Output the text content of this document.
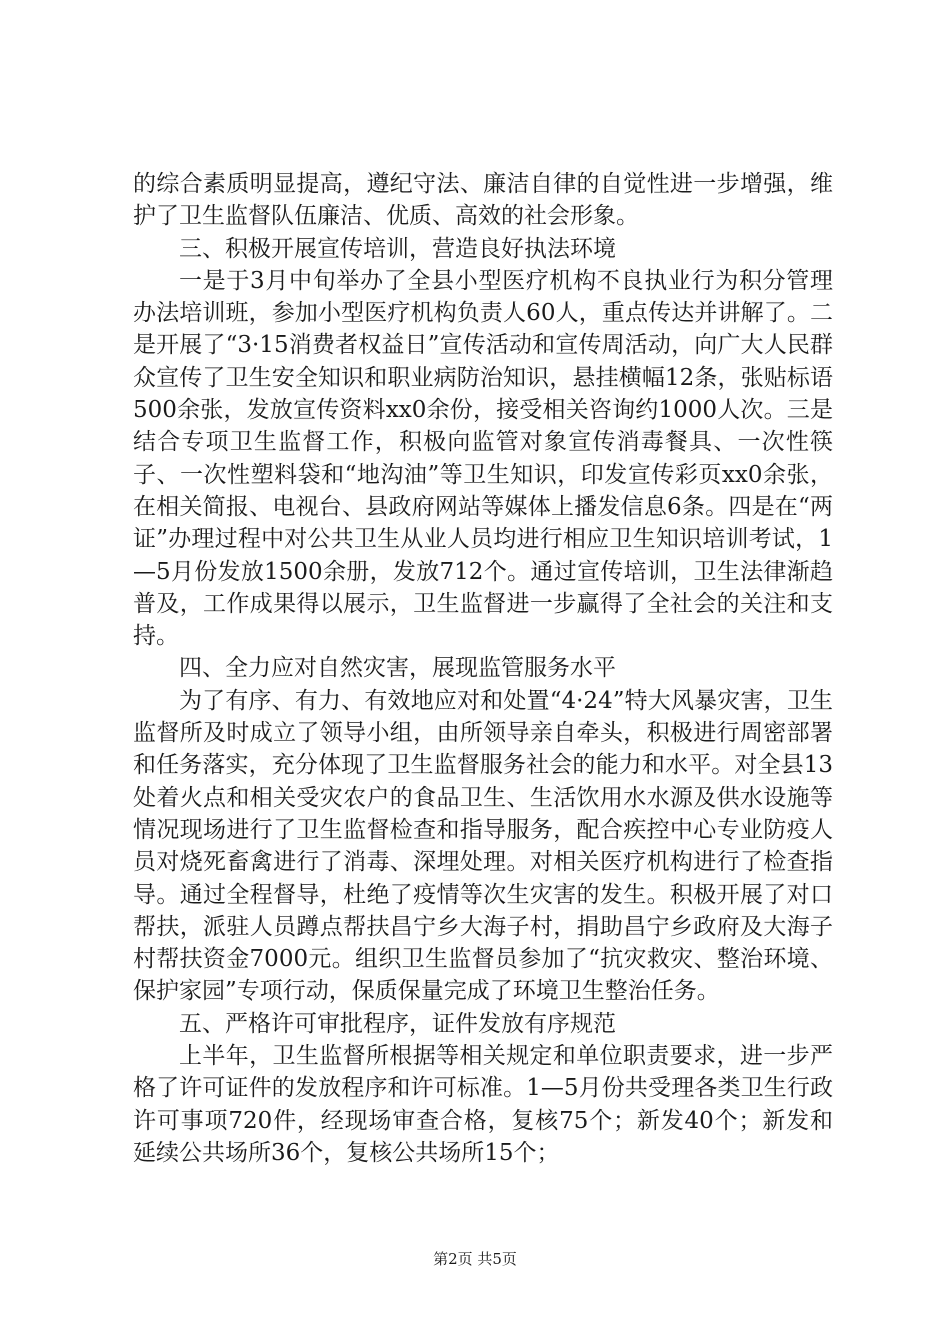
的综合素质明显提高，遵纪守法、廉洁自律的自觉性进一步增强，维护了卫生监督队伍廉洁、优质、高效的社会形象。

三、积极开展宣传培训，营造良好执法环境

一是于3月中旬举办了全县小型医疗机构不良执业行为积分管理办法培训班，参加小型医疗机构负责人60人，重点传达并讲解了。二是开展了“3·15消费者权益日”宣传活动和宣传周活动，向广大人民群众宣传了卫生安全知识和职业病防治知识，悬挂横幅12条，张贴标语500余张，发放宣传资料xx0余份，接受相关咨询约1000人次。三是结合专项卫生监督工作，积极向监管对象宣传消毒餐具、一次性筷子、一次性塑料袋和“地沟油”等卫生知识，印发宣传彩页xx0余张，在相关简报、电视台、县政府网站等媒体上播发信息6条。四是在“两证”办理过程中对公共卫生从业人员均进行相应卫生知识培训考试，1—5月份发放1500余册，发放712个。通过宣传培训，卫生法律渐趋普及，工作成果得以展示，卫生监督进一步赢得了全社会的关注和支持。

四、全力应对自然灾害，展现监管服务水平

为了有序、有力、有效地应对和处置“4·24”特大风暴灾害，卫生监督所及时成立了领导小组，由所领导亲自牵头，积极进行周密部署和任务落实，充分体现了卫生监督服务社会的能力和水平。对全县13处着火点和相关受灾农户的食品卫生、生活饮用水水源及供水设施等情况现场进行了卫生监督检查和指导服务，配合疾控中心专业防疫人员对烧死畜禽进行了消毒、深埋处理。对相关医疗机构进行了检查指导。通过全程督导，杜绝了疫情等次生灾害的发生。积极开展了对口帮扶，派驻人员蹲点帮扶昌宁乡大海子村，捐助昌宁乡政府及大海子村帮扶资金7000元。组织卫生监督员参加了“抗灾救灾、整治环境、保护家园”专项行动，保质保量完成了环境卫生整治任务。

五、严格许可审批程序，证件发放有序规范

上半年，卫生监督所根据等相关规定和单位职责要求，进一步严格了许可证件的发放程序和许可标准。1—5月份共受理各类卫生行政许可事项720件，经现场审查合格，复核75个；新发40个；新发和延续公共场所36个，复核公共场所15个；

第2页 共5页
